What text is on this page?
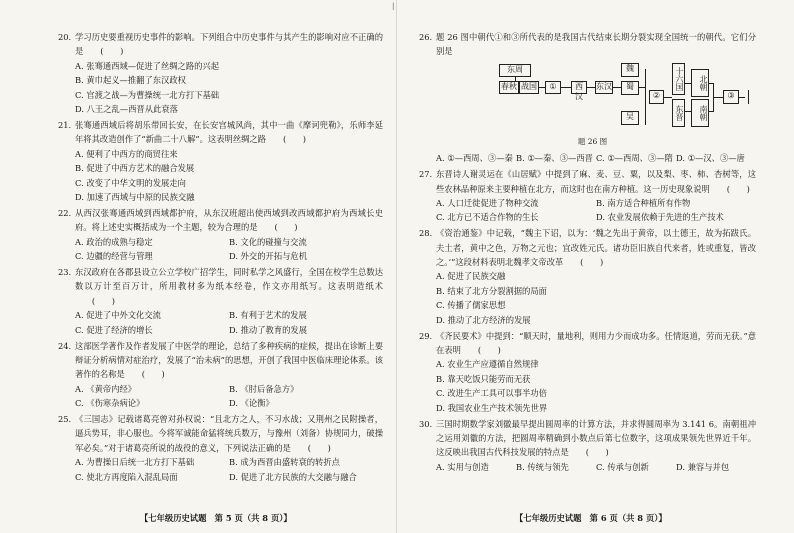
|
20. 学习历史要重视历史事件的影响。下列组合中历史事件与其产生的影响对应不正确的是 (　　)
A. 张骞通西域—促进了丝绸之路的兴起
B. 黄巾起义—推翻了东汉政权
C. 官渡之战—为曹操统一北方打下基础
D. 八王之乱—西晋从此衰落
21. 张骞通西域后将胡乐带回长安，在长安宫城风尚，其中一曲《摩诃兜勒》，乐师李延年将其改造创作了“新曲二十八解”。这表明丝绸之路 (　　)
A. 便利了中西方的商贸往来
B. 促进了中西方艺术的融合发展
C. 改变了中华文明的发展走向
D. 加速了西域与中原的民族交融
22. 从西汉张骞通西域到西域都护府，从东汉班超出使西域到改西域都护府为西域长史府。将上述史实概括成为一个主题，较为合理的是 (　　)
A. 政治的成熟与稳定	B. 文化的碰撞与交流
C. 边疆的经营与管理	D. 外交的开拓与危机
23. 东汉政府在各郡县设立公立学校广招学生，同时私学之风盛行，全国在校学生总数达数以万计至百万计，所用教材多为纸本经卷，作文亦用纸写。这表明造纸术(　　)
A. 促进了中外文化交流	B. 有利于艺术的发展
C. 促进了经济的增长	D. 推动了教育的发展
24. 这部医学著作及作者发展了中医学的理论，总结了多种疾病的症候，提出在诊断上要辩证分析病情对症治疗，发展了“治未病”的思想，开创了我国中医临床理论体系。该著作的名称是 (　　)
A. 《黄帝内经》	B. 《肘后备急方》
C. 《伤寒杂病论》	D. 《论衡》
25. 《三国志》记载诸葛亮曾对孙权说：“且北方之人，不习水战；又荆州之民附操者，逼兵势耳，非心服也。今将军诚能命猛将统兵数万，与豫州（刘备）协规同力，破操军必矣。”对于诸葛亮所说的战役的意义，下列说法正确的是 (　　)
A. 为曹操日后统一北方打下基础	B. 成为西晋由盛转衰的转折点
C. 使北方再度陷入混乱局面	D. 促进了北方民族的大交融与融合
【七年级历史试题　第 5 页（共 8 页）】
26. 题 26 图中朝代①和③所代表的是我国古代结束长期分裂实现全国统一的朝代。它们分别是
东周
春秋 战国	①	西汉
东汉
魏
蜀
吴
②
十六国
东晋
北朝
南朝
③
题 26 图
A. ①—西周、③—秦 B. ①—秦、③—西晋 C. ①—西周、③—隋 D. ①—汉、③—唐
27. 东晋诗人谢灵运在《山居赋》中提到了麻、麦、豆、粟，以及梨、枣、柿、杏树等，这些农林品种原来主要种植在北方，而这时也在南方种植。这一历史现象说明 (　　)
A. 人口迁徙促进了物种交流	B. 南方适合种植所有作物
C. 北方已不适合作物的生长	D. 农业发展依赖于先进的生产技术
28. 《资治通鉴》中记载，“魏主下诏，以为：‘魏之先出于黄帝，以土德王，故为拓跋氏。夫土者，黄中之色，万物之元也；宜改姓元氏。诸功臣旧族自代来者，姓或重复，皆改之。’”这段材料表明北魏孝文帝改革 (　　)
A. 促进了民族交融
B. 结束了北方分裂割据的局面
C. 传播了儒家思想
D. 推动了北方经济的发展
29. 《齐民要术》中提到：“顺天时，量地利，则用力少而成功多。任情返道，劳而无获。”意在表明 (　　)
A. 农业生产应遵循自然规律
B. 靠天吃饭只能劳而无获
C. 改进生产工具可以事半功倍
D. 我国农业生产技术领先世界
30. 三国时期数学家刘徽最早提出圆周率的计算方法，并求得圆周率为 3.141 6。南朝祖冲之运用刘徽的方法，把圆周率精确到小数点后第七位数字，这项成果领先世界近千年。这反映出我国古代科技发展的特点是 (　　)
A. 实用与创造	B. 传统与领先	C. 传承与创新	D. 兼容与并包
【七年级历史试题　第 6 页（共 8 页）】
